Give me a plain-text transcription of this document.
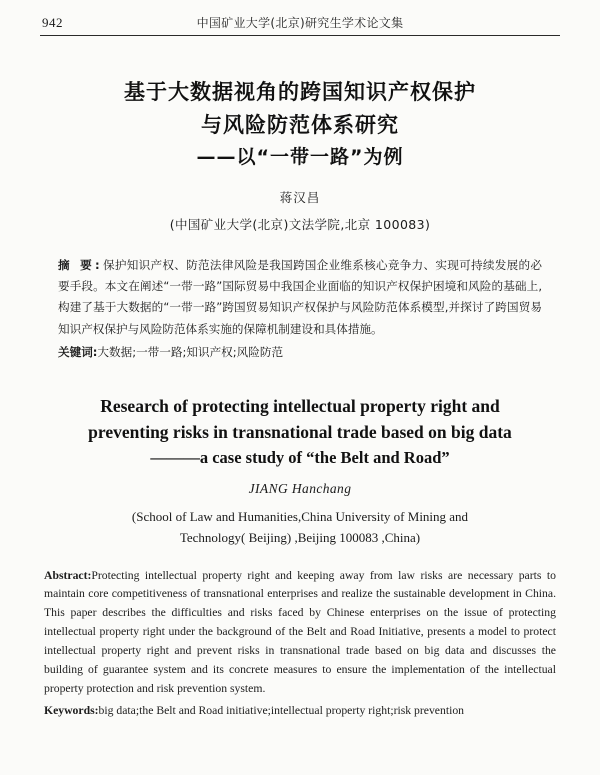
942	中国矿业大学(北京)研究生学术论文集
基于大数据视角的跨国知识产权保护
与风险防范体系研究
——以“一带一路”为例
蒋汉昌
(中国矿业大学(北京)文法学院,北京 100083)
摘 要:保护知识产权、防范法律风险是我国跨国企业维系核心竞争力、实现可持续发展的必要手段。本文在阐述“一带一路”国际贸易中我国企业面临的知识产权保护困境和风险的基础上,构建了基于大数据的“一带一路”跨国贸易知识产权保护与风险防范体系模型,并探讨了跨国贸易知识产权保护与风险防范体系实施的保障机制建设和具体措施。
关键词:大数据;一带一路;知识产权;风险防范
Research of protecting intellectual property right and
preventing risks in transnational trade based on big data
———a case study of “the Belt and Road”
JIANG Hanchang
(School of Law and Humanities,China University of Mining and
Technology( Beijing) ,Beijing 100083 ,China)
Abstract:Protecting intellectual property right and keeping away from law risks are necessary parts to maintain core competitiveness of transnational enterprises and realize the sustainable development in China. This paper describes the difficulties and risks faced by Chinese enterprises on the issue of protecting intellectual property right under the background of the Belt and Road Initiative, presents a model to protect intellectual property right and prevent risks in transnational trade based on big data and discusses the building of guarantee system and its concrete measures to ensure the implementation of the intellectual property protection and risk prevention system.
Keywords:big data;the Belt and Road initiative;intellectual property right;risk prevention
